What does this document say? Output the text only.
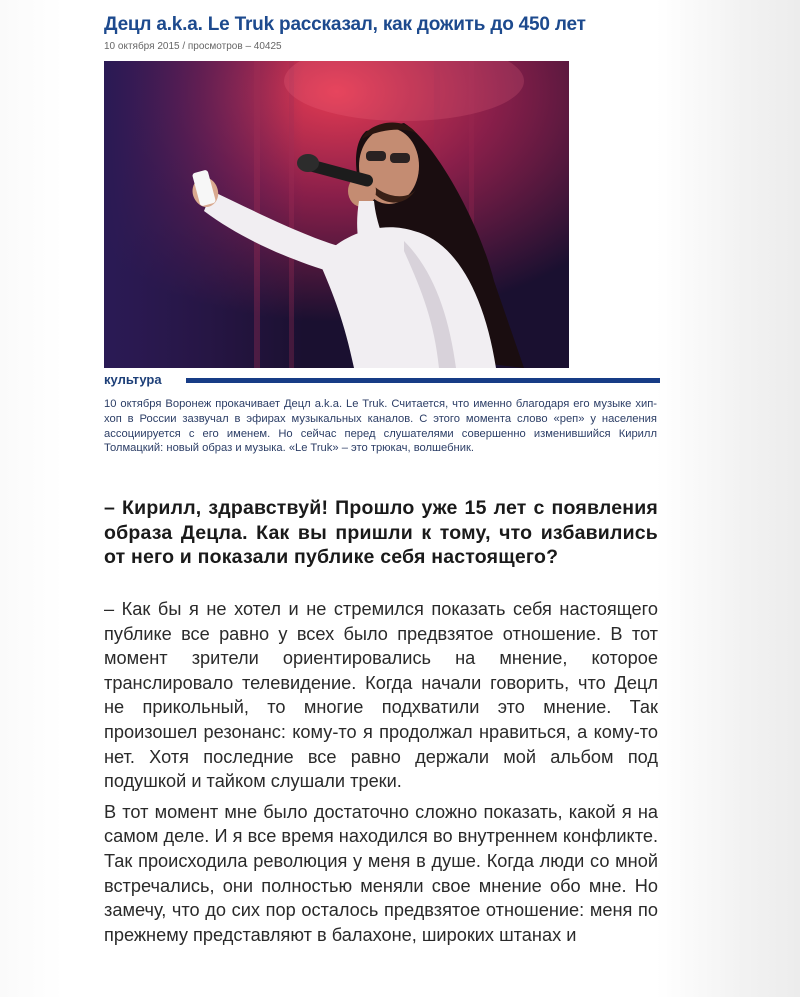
Децл a.k.a. Le Truk рассказал, как дожить до 450 лет
10 октября 2015 / просмотров – 40425
культура
10 октября Воронеж прокачивает Децл a.k.a. Le Truk. Считается, что именно благодаря его музыке хип-хоп в России зазвучал в эфирах музыкальных каналов. С этого момента слово «реп» у населения ассоциируется с его именем. Но сейчас перед слушателями совершенно изменившийся Кирилл Толмацкий: новый образ и музыка. «Le Truk» – это трюкач, волшебник.
– Кирилл, здравствуй! Прошло уже 15 лет с появления образа Децла. Как вы пришли к тому, что избавились от него и показали публике себя настоящего?

– Как бы я не хотел и не стремился показать себя настоящего публике все равно у всех было предвзятое отношение. В тот момент зрители ориентировались на мнение, которое транслировало телевидение. Когда начали говорить, что Децл не прикольный, то многие подхватили это мнение. Так произошел резонанс: кому-то я продолжал нравиться, а кому-то нет. Хотя последние все равно держали мой альбом под подушкой и тайком слушали треки.

В тот момент мне было достаточно сложно показать, какой я на самом деле. И я все время находился во внутреннем конфликте. Так происходила революция у меня в душе. Когда люди со мной встречались, они полностью меняли свое мнение обо мне. Но замечу, что до сих пор осталось предвзятое отношение: меня по прежнему представляют в балахоне, широких штанах и
